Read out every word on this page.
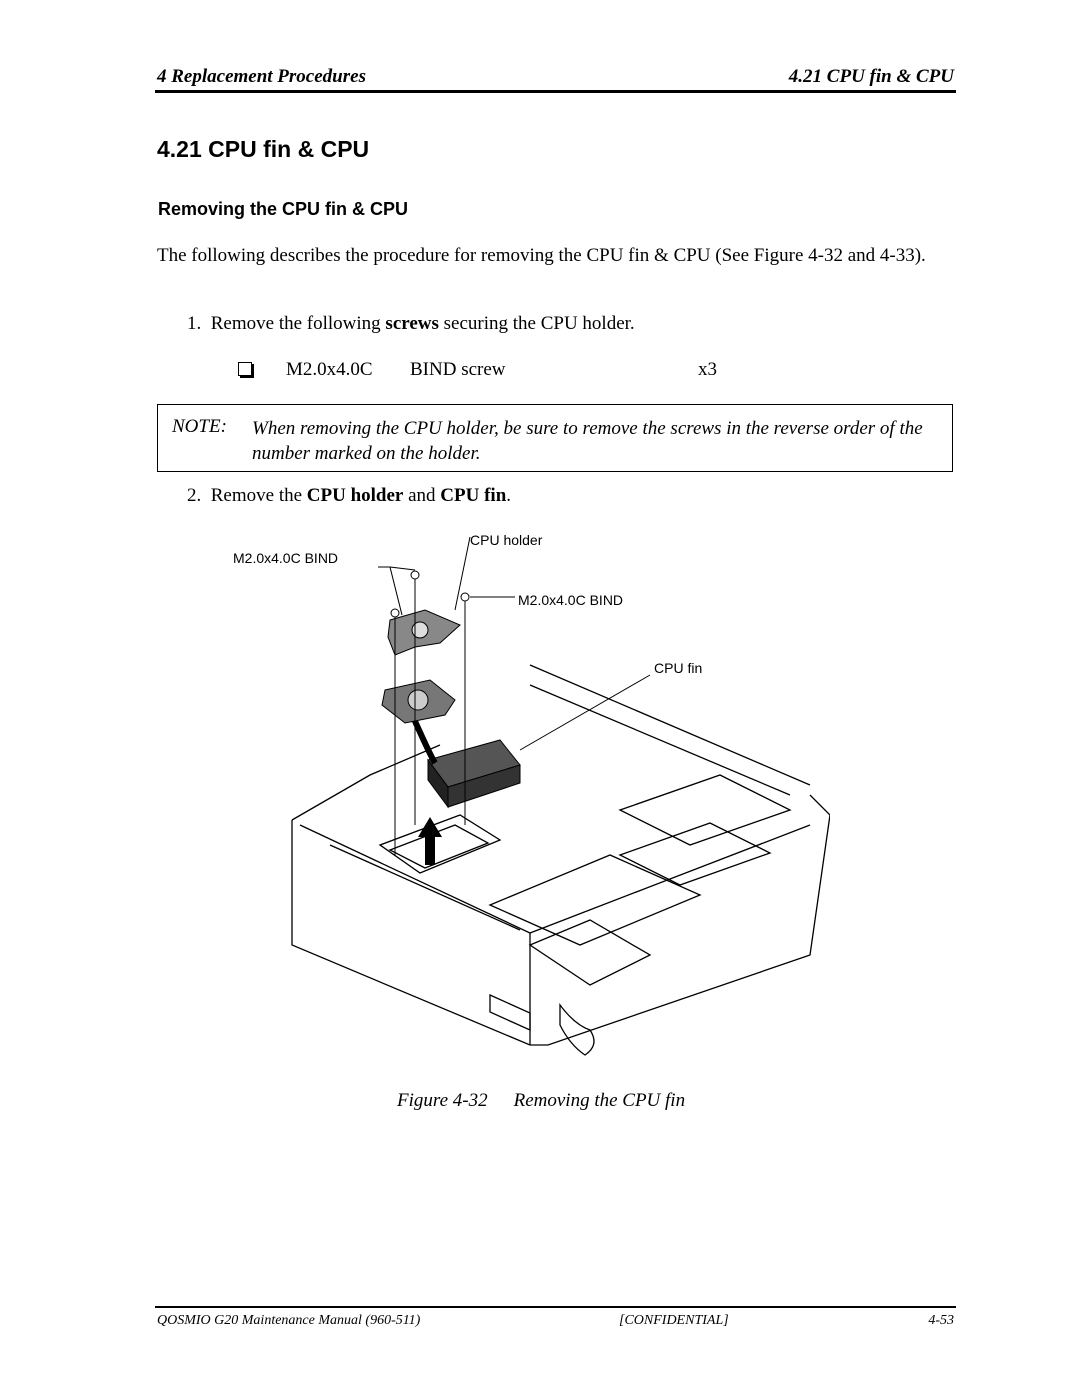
4 Replacement Procedures	4.21 CPU fin & CPU
4.21 CPU fin & CPU
Removing the CPU fin & CPU
The following describes the procedure for removing the CPU fin & CPU (See Figure 4-32 and 4-33).
1. Remove the following screws securing the CPU holder.
M2.0x4.0C BIND screw	x3
NOTE: When removing the CPU holder, be sure to remove the screws in the reverse order of the number marked on the holder.
2. Remove the CPU holder and CPU fin.
CPU holder
M2.0x4.0C BIND
M2.0x4.0C BIND
CPU fin
Figure 4-32 Removing the CPU fin
QOSMIO G20 Maintenance Manual (960-511)	[CONFIDENTIAL]	4-53
